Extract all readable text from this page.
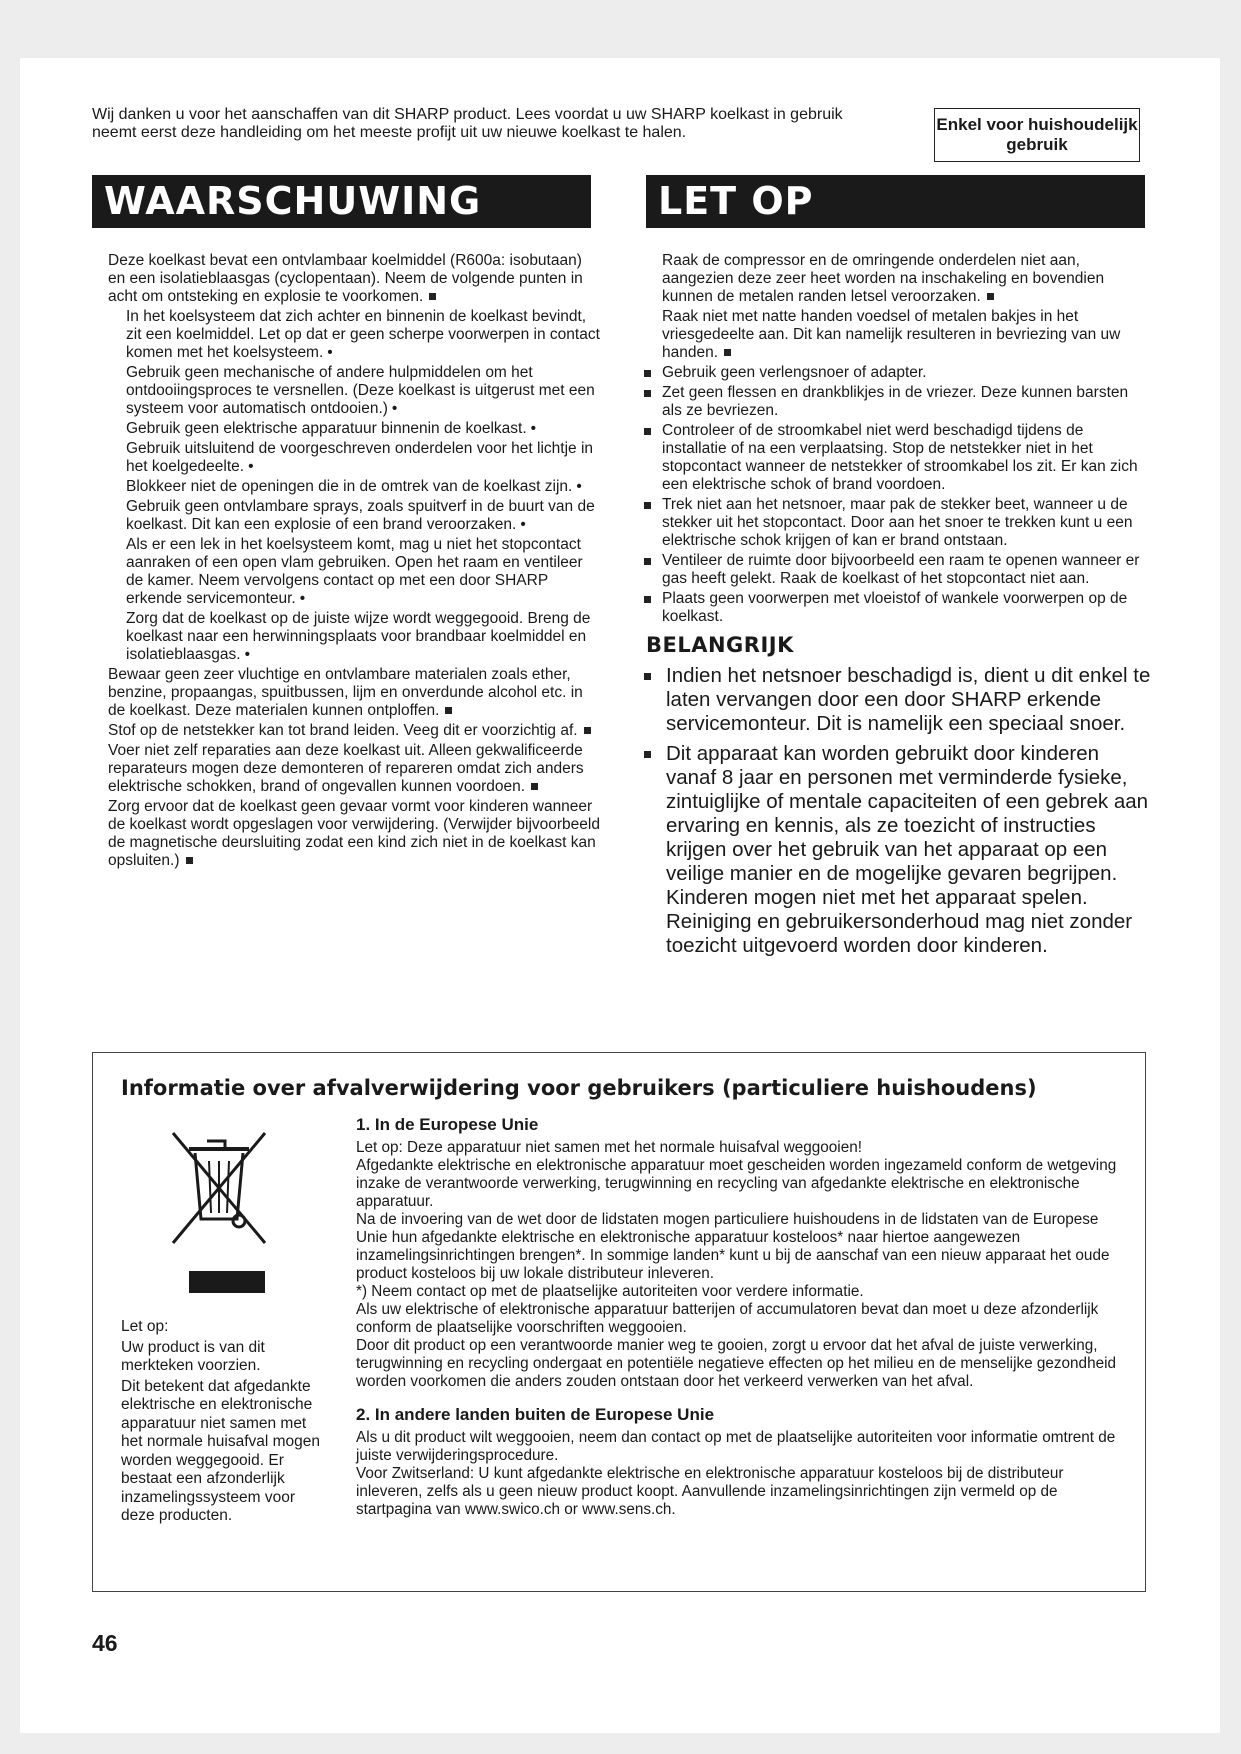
Wij danken u voor het aanschaffen van dit SHARP product. Lees voordat u uw SHARP koelkast in gebruik neemt eerst deze handleiding om het meeste profijt uit uw nieuwe koelkast te halen.	Enkel voor huishoudelijk gebruik
WAARSCHUWING	LET OP
Deze koelkast bevat een ontvlambaar koelmiddel (R600a: isobutaan) en een isolatieblaasgas (cyclopentaan). Neem de volgende punten in acht om ontsteking en explosie te voorkomen.
In het koelsysteem dat zich achter en binnenin de koelkast bevindt, zit een koelmiddel. Let op dat er geen scherpe voorwerpen in contact komen met het koelsysteem. •
Gebruik geen mechanische of andere hulpmiddelen om het ontdooiingsproces te versnellen. (Deze koelkast is uitgerust met een systeem voor automatisch ontdooien.) •
Gebruik geen elektrische apparatuur binnenin de koelkast. •
Gebruik uitsluitend de voorgeschreven onderdelen voor het lichtje in het koelgedeelte. •
Blokkeer niet de openingen die in de omtrek van de koelkast zijn. •
Gebruik geen ontvlambare sprays, zoals spuitverf in de buurt van de koelkast. Dit kan een explosie of een brand veroorzaken. •
Als er een lek in het koelsysteem komt, mag u niet het stopcontact aanraken of een open vlam gebruiken. Open het raam en ventileer de kamer. Neem vervolgens contact op met een door SHARP erkende servicemonteur. •
Zorg dat de koelkast op de juiste wijze wordt weggegooid. Breng de koelkast naar een herwinningsplaats voor brandbaar koelmiddel en isolatieblaasgas. •
Bewaar geen zeer vluchtige en ontvlambare materialen zoals ether, benzine, propaangas, spuitbussen, lijm en onverdunde alcohol etc. in de koelkast. Deze materialen kunnen ontploffen.
Stof op de netstekker kan tot brand leiden. Veeg dit er voorzichtig af.
Voer niet zelf reparaties aan deze koelkast uit. Alleen gekwalificeerde reparateurs mogen deze demonteren of repareren omdat zich anders elektrische schokken, brand of ongevallen kunnen voordoen.
Zorg ervoor dat de koelkast geen gevaar vormt voor kinderen wanneer de koelkast wordt opgeslagen voor verwijdering. (Verwijder bijvoorbeeld de magnetische deursluiting zodat een kind zich niet in de koelkast kan opsluiten.)
Raak de compressor en de omringende onderdelen niet aan, aangezien deze zeer heet worden na inschakeling en bovendien kunnen de metalen randen letsel veroorzaken.
Raak niet met natte handen voedsel of metalen bakjes in het vriesgedeelte aan. Dit kan namelijk resulteren in bevriezing van uw handen.
Gebruik geen verlengsnoer of adapter.
Zet geen flessen en drankblikjes in de vriezer. Deze kunnen barsten als ze bevriezen.
Controleer of de stroomkabel niet werd beschadigd tijdens de installatie of na een verplaatsing. Stop de netstekker niet in het stopcontact wanneer de netstekker of stroomkabel los zit. Er kan zich een elektrische schok of brand voordoen.
Trek niet aan het netsnoer, maar pak de stekker beet, wanneer u de stekker uit het stopcontact. Door aan het snoer te trekken kunt u een elektrische schok krijgen of kan er brand ontstaan.
Ventileer de ruimte door bijvoorbeeld een raam te openen wanneer er gas heeft gelekt. Raak de koelkast of het stopcontact niet aan.
Plaats geen voorwerpen met vloeistof of wankele voorwerpen op de koelkast.
BELANGRIJK
Indien het netsnoer beschadigd is, dient u dit enkel te laten vervangen door een door SHARP erkende servicemonteur. Dit is namelijk een speciaal snoer.
Dit apparaat kan worden gebruikt door kinderen vanaf 8 jaar en personen met verminderde fysieke, zintuiglijke of mentale capaciteiten of een gebrek aan ervaring en kennis, als ze toezicht of instructies krijgen over het gebruik van het apparaat op een veilige manier en de mogelijke gevaren begrijpen. Kinderen mogen niet met het apparaat spelen. Reiniging en gebruikersonderhoud mag niet zonder toezicht uitgevoerd worden door kinderen.
Informatie over afvalverwijdering voor gebruikers (particuliere huishoudens)

Let op:

Uw product is van dit merkteken voorzien.

Dit betekent dat afgedankte elektrische en elektronische apparatuur niet samen met het normale huisafval mogen worden weggegooid. Er bestaat een afzonderlijk inzamelingssysteem voor deze producten.

1. In de Europese Unie

Let op: Deze apparatuur niet samen met het normale huisafval weggooien!

Afgedankte elektrische en elektronische apparatuur moet gescheiden worden ingezameld conform de wetgeving inzake de verantwoorde verwerking, terugwinning en recycling van afgedankte elektrische en elektronische apparatuur.

Na de invoering van de wet door de lidstaten mogen particuliere huishoudens in de lidstaten van de Europese Unie hun afgedankte elektrische en elektronische apparatuur kosteloos* naar hiertoe aangewezen inzamelingsinrichtingen brengen*. In sommige landen* kunt u bij de aanschaf van een nieuw apparaat het oude product kosteloos bij uw lokale distributeur inleveren.

*) Neem contact op met de plaatselijke autoriteiten voor verdere informatie.

Als uw elektrische of elektronische apparatuur batterijen of accumulatoren bevat dan moet u deze afzonderlijk conform de plaatselijke voorschriften weggooien.

Door dit product op een verantwoorde manier weg te gooien, zorgt u ervoor dat het afval de juiste verwerking, terugwinning en recycling ondergaat en potentiële negatieve effecten op het milieu en de menselijke gezondheid worden voorkomen die anders zouden ontstaan door het verkeerd verwerken van het afval.

2. In andere landen buiten de Europese Unie

Als u dit product wilt weggooien, neem dan contact op met de plaatselijke autoriteiten voor informatie omtrent de juiste verwijderingsprocedure.

Voor Zwitserland: U kunt afgedankte elektrische en elektronische apparatuur kosteloos bij de distributeur inleveren, zelfs als u geen nieuw product koopt. Aanvullende inzamelingsinrichtingen zijn vermeld op de startpagina van www.swico.ch or www.sens.ch.

46
